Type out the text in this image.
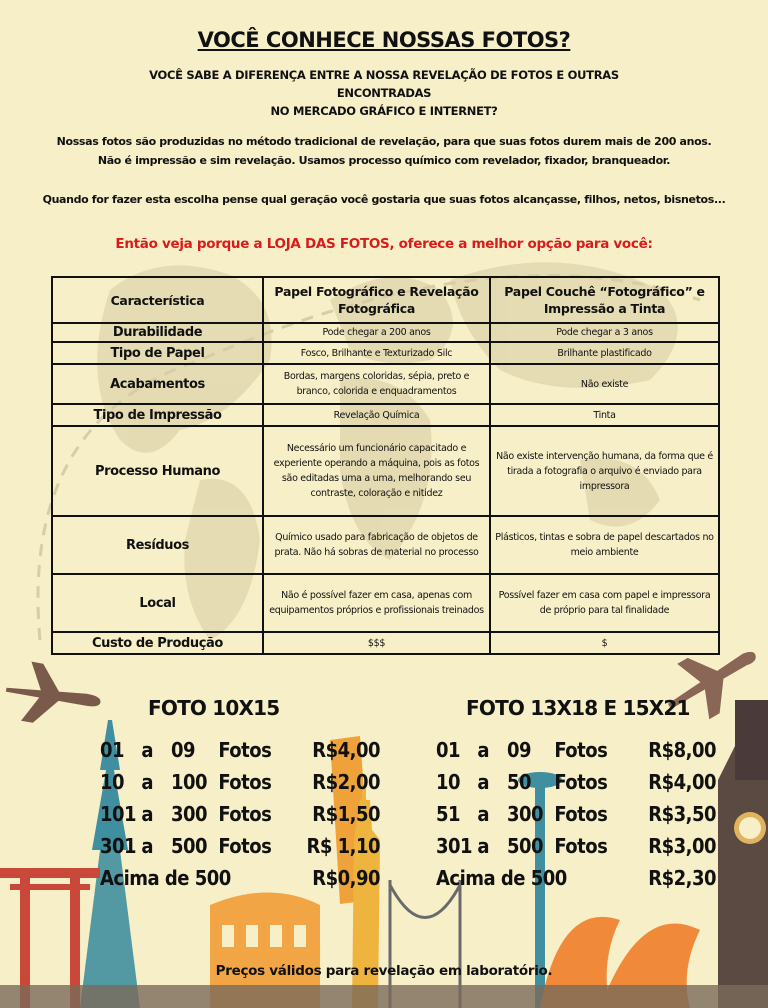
VOCÊ CONHECE NOSSAS FOTOS?
VOCÊ SABE A DIFERENÇA ENTRE A NOSSA REVELAÇÃO DE FOTOS E OUTRAS ENCONTRADAS
NO MERCADO GRÁFICO E INTERNET?
Nossas fotos são produzidas no método tradicional de revelação, para que suas fotos durem mais de 200 anos.
Não é impressão e sim revelação. Usamos processo químico com revelador, fixador, branqueador.
Quando for fazer esta escolha pense qual geração você gostaria que suas fotos alcançasse, filhos, netos, bisnetos...
Então veja porque a LOJA DAS FOTOS, oferece a melhor opção para você:
Característica	Papel Fotográfico e Revelação Fotográfica	Papel Couchê “Fotográfico” e Impressão a Tinta
Durabilidade	Pode chegar a 200 anos	Pode chegar a 3 anos
Tipo de Papel	Fosco, Brilhante e Texturizado Silc	Brilhante plastificado
Acabamentos	Bordas, margens coloridas, sépia, preto e branco, colorida e enquadramentos	Não existe
Tipo de Impressão	Revelação Química	Tinta
Processo Humano	Necessário um funcionário capacitado e experiente operando a máquina, pois as fotos são editadas uma a uma, melhorando seu contraste, coloração e nitidez	Não existe intervenção humana, da forma que é tirada a fotografia o arquivo é enviado para impressora
Resíduos	Químico usado para fabricação de objetos de prata. Não há sobras de material no processo	Plásticos, tintas e sobra de papel descartados no meio ambiente
Local	Não é possível fazer em casa, apenas com equipamentos próprios e profissionais treinados	Possível fazer em casa com papel e impressora de próprio para tal finalidade
Custo de Produção	$$$	$
FOTO 10X15
01 a 09	Fotos	R$4,00
10 a 100 Fotos	R$2,00
101 a 300 Fotos	R$1,50
301 a 500 Fotos	R$ 1,10
Acima de 500	R$0,90
FOTO 13X18 E 15X21
01 a 09	Fotos	R$8,00
10 a 50	Fotos	R$4,00
51 a 300 Fotos	R$3,50
301 a 500 Fotos	R$3,00
Acima de 500	R$2,30
Preços válidos para revelação em laboratório.
